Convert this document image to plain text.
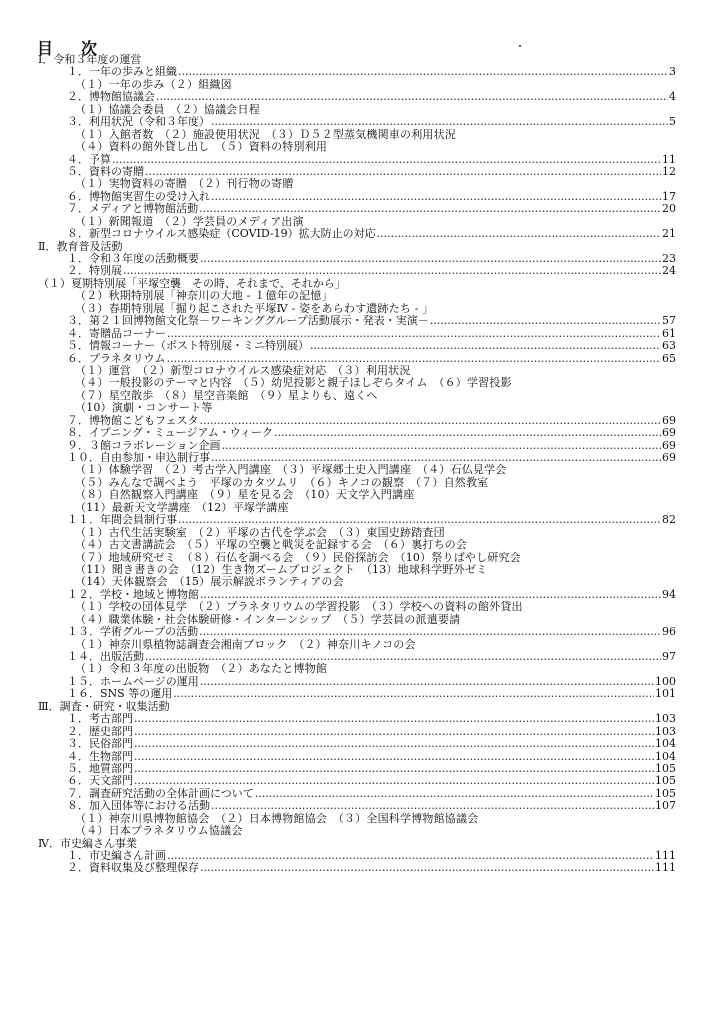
目　次
Ⅰ．令和３年度の運営
１．一年の歩みと組織 .....	3
（１）一年の歩み（２）組織図
２．博物館協議会 .....	4
（１）協議会委員　（２）協議会日程
３．利用状況（令和３年度） .....	5
（１）入館者数　（２）施設使用状況　（３）Ｄ５２型蒸気機関車の利用状況
（４）資料の館外貸し出し　（５）資料の特別利用
４．予算 .....	11
５．資料の寄贈 .....	12
（１）実物資料の寄贈　（２）刊行物の寄贈
６．博物館実習生の受け入れ .....	17
７．メディアと博物館活動 .....	20
（１）新聞報道　（２）学芸員のメディア出演
８．新型コロナウイルス感染症（COVID-19）拡大防止の対応 .....	21
Ⅱ．教育普及活動
１．令和３年度の活動概要 .....	23
２．特別展 .....	24
（１）夏期特別展「平塚空襲　その時、それまで、それから」
（２）秋期特別展「神奈川の大地 - １億年の記憶」
（３）春期特別展「掘り起こされた平塚Ⅳ - 姿をあらわす遺跡たち - 」
３．第２１回博物館文化祭－ワーキンググループ活動展示・発表・実演－ .....	57
４．寄贈品コーナー .....	61
５．情報コーナー（ポスト特別展・ミニ特別展） .....	63
６．プラネタリウム .....	65
（１）運営　（２）新型コロナウイルス感染症対応　（３）利用状況
（４）一般投影のテーマと内容　（５）幼児投影と親子ほしぞらタイム　（６）学習投影
（７）星空散歩　（８）星空音楽館　（９）星よりも、遠くへ
（10）演劇・コンサート等
７．博物館こどもフェスタ .....	69
８．イブニング・ミュージアム・ウィーク .....	69
９．３館コラボレーション企画 .....	69
１０．自由参加・申込制行事 .....	69
（１）体験学習　（２）考古学入門講座　（３）平塚郷土史入門講座　（４）石仏見学会
（５）みんなで調べよう　平塚のカタツムリ　（６）キノコの観察　（７）自然教室
（８）自然観察入門講座　（９）星を見る会　（10）天文学入門講座
（11）最新天文学講座　（12）平塚学講座
１１．年間会員制行事 .....	82
（１）古代生活実験室　（２）平塚の古代を学ぶ会　（３）東国史跡踏査団
（４）古文書講読会　（５）平塚の空襲と戦災を記録する会　（６）裏打ちの会
（７）地域研究ゼミ　（８）石仏を調べる会　（９）民俗探訪会　（10）祭りばやし研究会
（11）聞き書きの会　（12）生き物ズームプロジェクト　（13）地球科学野外ゼミ
（14）天体観察会　（15）展示解説ボランティアの会
１２．学校・地域と博物館 .....	94
（１）学校の団体見学　（２）プラネタリウムの学習投影　（３）学校への資料の館外貸出
（４）職業体験・社会体験研修・インターンシップ　（５）学芸員の派遣要請
１３．学術グループの活動 .....	96
（１）神奈川県植物誌調査会湘南ブロック　（２）神奈川キノコの会
１４．出版活動 .....	97
（１）令和３年度の出版物　（２）あなたと博物館
１５．ホームページの運用 .....	100
１６．SNS 等の運用 .....	101
Ⅲ．調査・研究・収集活動
１．考古部門 .....	103
２．歴史部門 .....	103
３．民俗部門 .....	104
４．生物部門 .....	104
５．地質部門 .....	105
６．天文部門 .....	105
７．調査研究活動の全体計画について .....	105
８．加入団体等における活動 .....	107
（１）神奈川県博物館協会　（２）日本博物館協会　（３）全国科学博物館協議会
（４）日本プラネタリウム協議会
Ⅳ．市史編さん事業
１．市史編さん計画 .....	111
２．資料収集及び整理保存 .....	111
